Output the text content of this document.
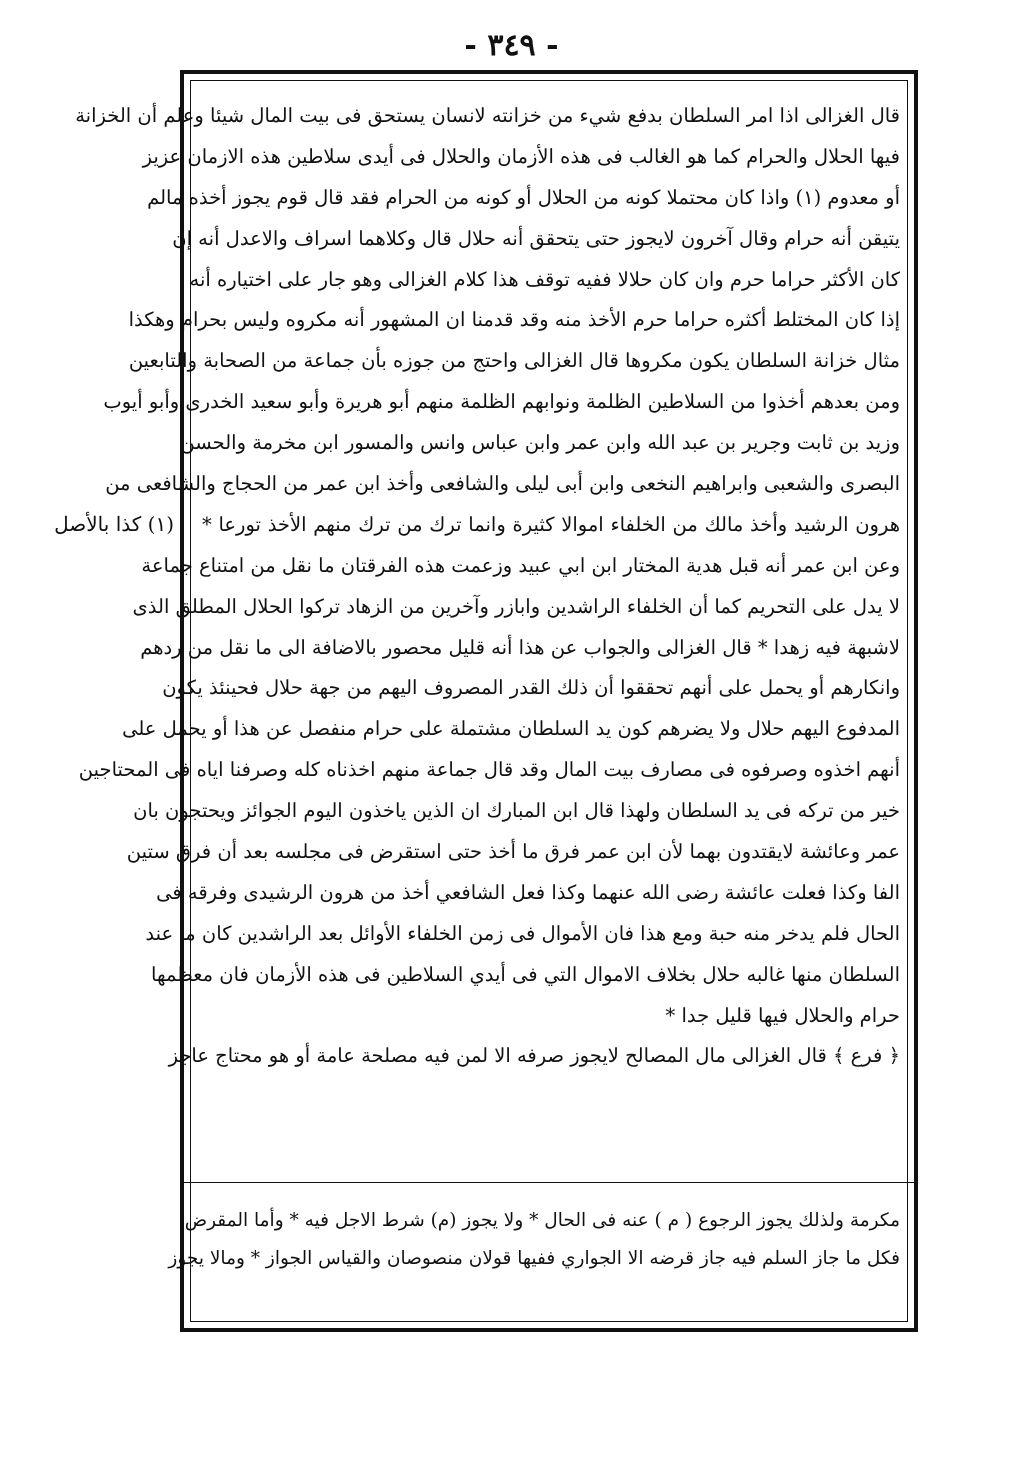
- ٣٤٩ -
(١) كذا بالأصل
قال الغزالى اذا امر السلطان بدفع شيء من خزانته لانسان يستحق فى بيت المال شيئا وعلم أن الخزانة
فيها الحلال والحرام كما هو الغالب فى هذه الأزمان والحلال فى أيدى سلاطين هذه الازمان عزيز
أو معدوم (١) واذا كان محتملا كونه من الحلال أو كونه من الحرام فقد قال قوم يجوز أخذه مالم
يتيقن أنه حرام وقال آخرون لايجوز حتى يتحقق أنه حلال قال وكلاهما اسراف والاعدل أنه إن
كان الأكثر حراما حرم وان كان حلالا ففيه توقف هذا كلام الغزالى وهو جار على اختياره أنه
إذا كان المختلط أكثره حراما حرم الأخذ منه وقد قدمنا ان المشهور أنه مكروه وليس بحرام وهكذا
مثال خزانة السلطان يكون مكروها قال الغزالى واحتج من جوزه بأن جماعة من الصحابة والتابعين
ومن بعدهم أخذوا من السلاطين الظلمة ونوابهم الظلمة منهم أبو هريرة وأبو سعيد الخدرى وأبو أيوب
وزيد بن ثابت وجرير بن عبد الله وابن عمر وابن عباس وانس والمسور ابن مخرمة والحسن
البصرى والشعبى وابراهيم النخعى وابن أبى ليلى والشافعى وأخذ ابن عمر من الحجاج والشافعى من
هرون الرشيد وأخذ مالك من الخلفاء اموالا كثيرة وانما ترك من ترك منهم الأخذ تورعا *
وعن ابن عمر أنه قبل هدية المختار ابن ابي عبيد وزعمت هذه الفرقتان ما نقل من امتناع جماعة
لا يدل على التحريم كما أن الخلفاء الراشدين وابازر وآخرين من الزهاد تركوا الحلال المطلق الذى
لاشبهة فيه زهدا * قال الغزالى والجواب عن هذا أنه قليل محصور بالاضافة الى ما نقل من ردهم
وانكارهم أو يحمل على أنهم تحققوا أن ذلك القدر المصروف اليهم من جهة حلال فحينئذ يكون
المدفوع اليهم حلال ولا يضرهم كون يد السلطان مشتملة على حرام منفصل عن هذا أو يحمل على
أنهم اخذوه وصرفوه فى مصارف بيت المال وقد قال جماعة منهم اخذناه كله وصرفنا اياه فى المحتاجين
خير من تركه فى يد السلطان ولهذا قال ابن المبارك ان الذين ياخذون اليوم الجوائز ويحتجون بان
عمر وعائشة لايقتدون بهما لأن ابن عمر فرق ما أخذ حتى استقرض فى مجلسه بعد أن فرق ستين
الفا وكذا فعلت عائشة رضى الله عنهما وكذا فعل الشافعي أخذ من هرون الرشيدى وفرقه فى
الحال فلم يدخر منه حبة ومع هذا فان الأموال فى زمن الخلفاء الأوائل بعد الراشدين كان ما عند
السلطان منها غالبه حلال بخلاف الاموال التي فى أيدي السلاطين فى هذه الأزمان فان معظمها
حرام والحلال فيها قليل جدا *
﴿ فرع ﴾ قال الغزالى مال المصالح لايجوز صرفه الا لمن فيه مصلحة عامة أو هو محتاج عاجز
مكرمة ولذلك يجوز الرجوع ( م ) عنه فى الحال * ولا يجوز (م) شرط الاجل فيه * وأما المقرض
فكل ما جاز السلم فيه جاز قرضه الا الجواري ففيها قولان منصوصان والقياس الجواز * ومالا يجوز
